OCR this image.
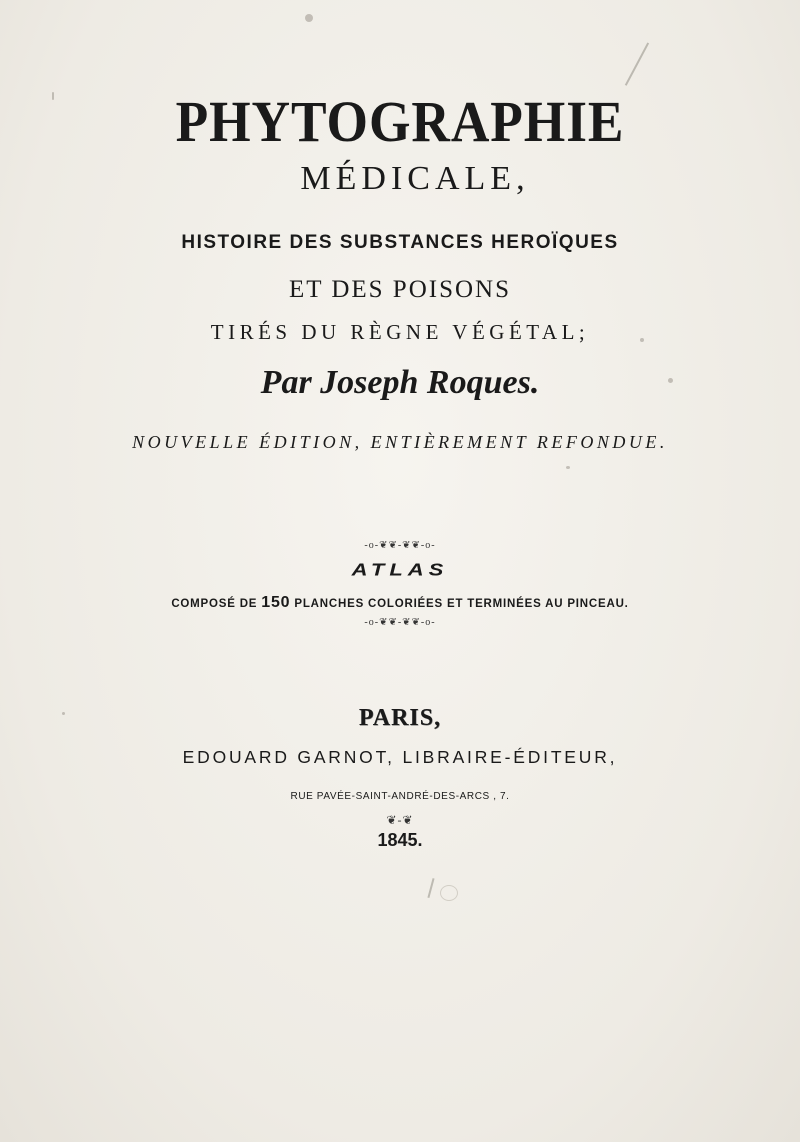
PHYTOGRAPHIE
MÉDICALE,
HISTOIRE DES SUBSTANCES HEROÏQUES
ET DES POISONS
TIRÉS DU RÈGNE VÉGÉTAL;
Par Joseph Roques.
NOUVELLE ÉDITION, ENTIÈREMENT REFONDUE.
-o-❦❦-❦❦-o-
ATLAS
COMPOSÉ DE 150 PLANCHES COLORIÉES ET TERMINÉES AU PINCEAU.
-o-❦❦-❦❦-o-
PARIS,
EDOUARD GARNOT, LIBRAIRE-ÉDITEUR,
RUE PAVÉE-SAINT-ANDRÉ-DES-ARCS , 7.
❦-❦
1845.
